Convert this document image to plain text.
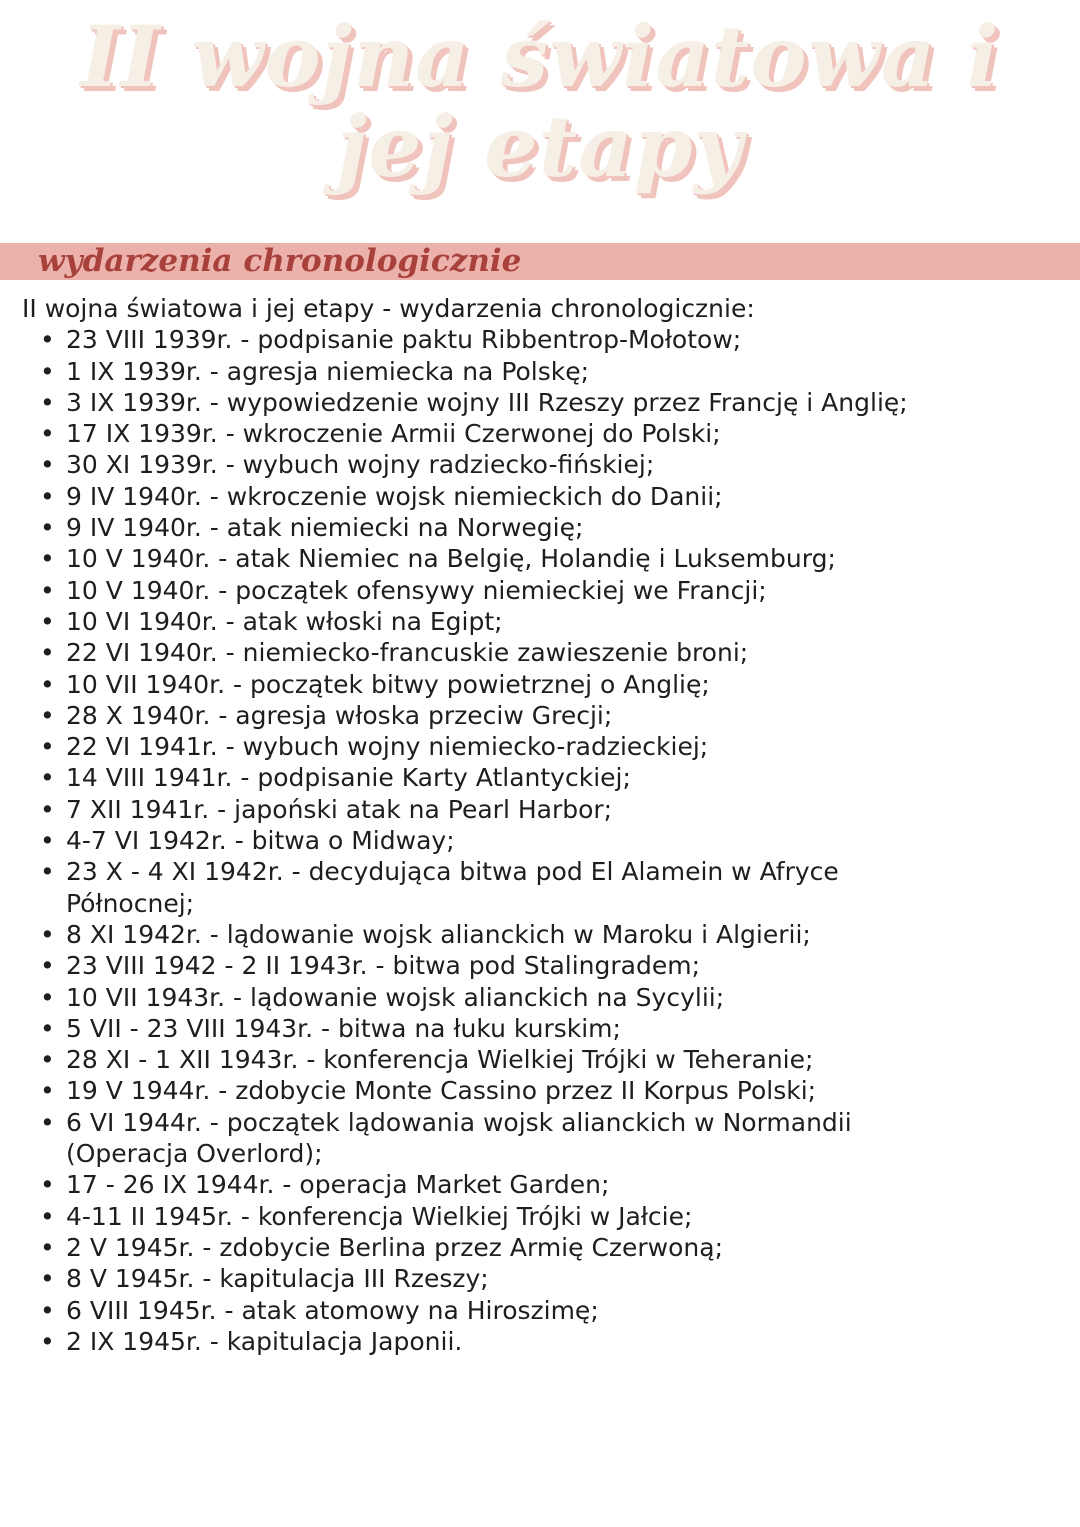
II wojna światowa i
jej etapy
wydarzenia chronologicznie

II wojna światowa i jej etapy - wydarzenia chronologicznie:

• 23 VIII 1939r. - podpisanie paktu Ribbentrop-Mołotow;
• 1 IX 1939r. - agresja niemiecka na Polskę;
• 3 IX 1939r. - wypowiedzenie wojny III Rzeszy przez Francję i Anglię;
• 17 IX 1939r. - wkroczenie Armii Czerwonej do Polski;
• 30 XI 1939r. - wybuch wojny radziecko-fińskiej;
• 9 IV 1940r. - wkroczenie wojsk niemieckich do Danii;
• 9 IV 1940r. - atak niemiecki na Norwegię;
• 10 V 1940r. - atak Niemiec na Belgię, Holandię i Luksemburg;
• 10 V 1940r. - początek ofensywy niemieckiej we Francji;
• 10 VI 1940r. - atak włoski na Egipt;
• 22 VI 1940r. - niemiecko-francuskie zawieszenie broni;
• 10 VII 1940r. - początek bitwy powietrznej o Anglię;
• 28 X 1940r. - agresja włoska przeciw Grecji;
• 22 VI 1941r. - wybuch wojny niemiecko-radzieckiej;
• 14 VIII 1941r. - podpisanie Karty Atlantyckiej;
• 7 XII 1941r. - japoński atak na Pearl Harbor;
• 4-7 VI 1942r. - bitwa o Midway;
• 23 X - 4 XI 1942r. - decydująca bitwa pod El Alamein w Afryce Północnej;
• 8 XI 1942r. - lądowanie wojsk alianckich w Maroku i Algierii;
• 23 VIII 1942 - 2 II 1943r. - bitwa pod Stalingradem;
• 10 VII 1943r. - lądowanie wojsk alianckich na Sycylii;
• 5 VII - 23 VIII 1943r. - bitwa na łuku kurskim;
• 28 XI - 1 XII 1943r. - konferencja Wielkiej Trójki w Teheranie;
• 19 V 1944r. - zdobycie Monte Cassino przez II Korpus Polski;
• 6 VI 1944r. - początek lądowania wojsk alianckich w Normandii (Operacja Overlord);
• 17 - 26 IX 1944r. - operacja Market Garden;
• 4-11 II 1945r. - konferencja Wielkiej Trójki w Jałcie;
• 2 V 1945r. - zdobycie Berlina przez Armię Czerwoną;
• 8 V 1945r. - kapitulacja III Rzeszy;
• 6 VIII 1945r. - atak atomowy na Hiroszimę;
• 2 IX 1945r. - kapitulacja Japonii.
